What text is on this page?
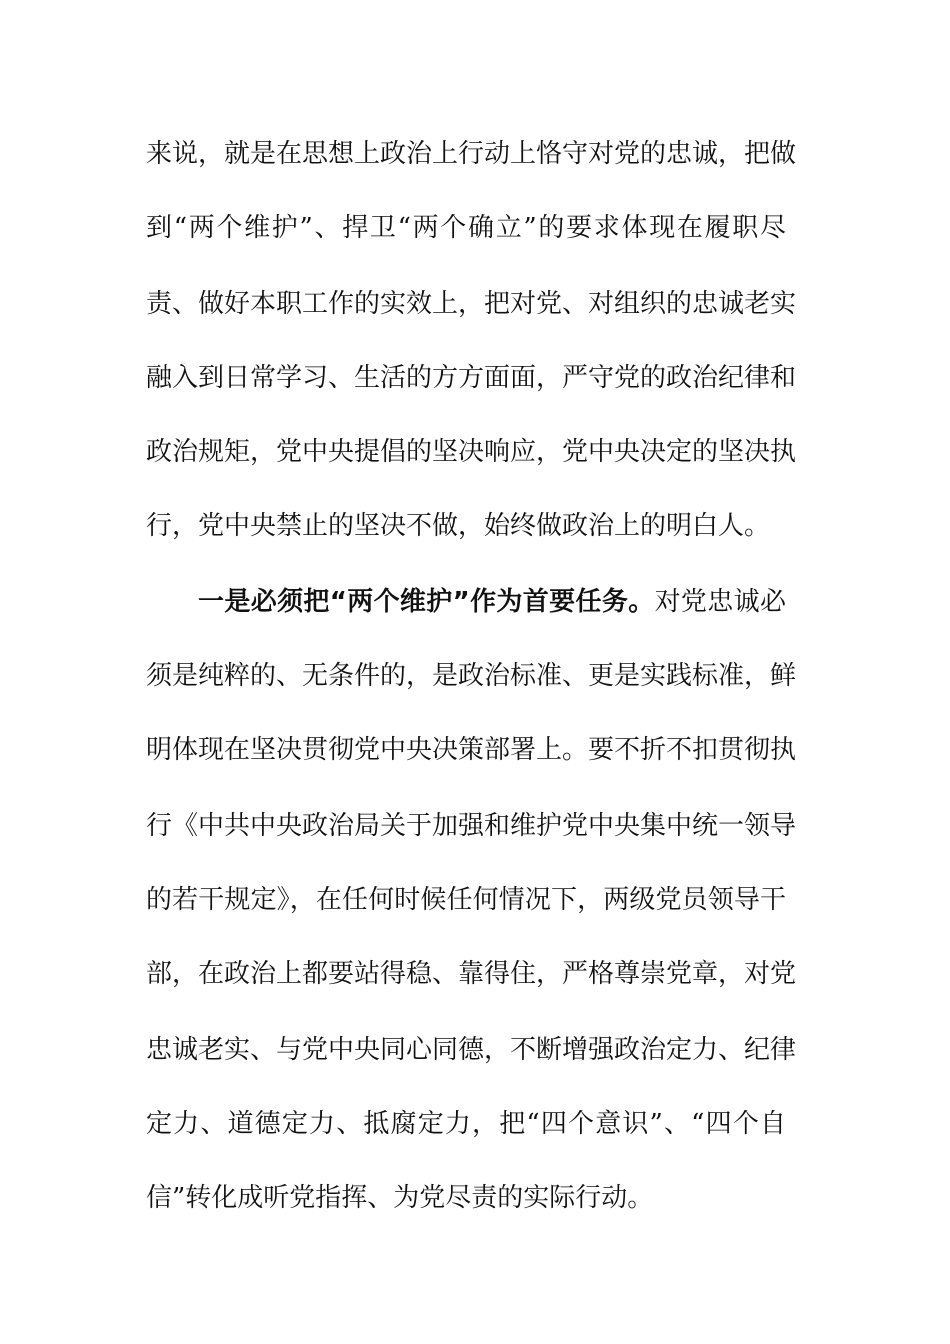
来说，就是在思想上政治上行动上恪守对党的忠诚，把做
到“两个维护”、捍卫“两个确立”的要求体现在履职尽
责、做好本职工作的实效上，把对党、对组织的忠诚老实
融入到日常学习、生活的方方面面，严守党的政治纪律和
政治规矩，党中央提倡的坚决响应，党中央决定的坚决执
行，党中央禁止的坚决不做，始终做政治上的明白人。
一是必须把“两个维护”作为首要任务。对党忠诚必
须是纯粹的、无条件的，是政治标准、更是实践标准，鲜
明体现在坚决贯彻党中央决策部署上。要不折不扣贯彻执
行《中共中央政治局关于加强和维护党中央集中统一领导
的若干规定》，在任何时候任何情况下，两级党员领导干
部，在政治上都要站得稳、靠得住，严格尊崇党章，对党
忠诚老实、与党中央同心同德，不断增强政治定力、纪律
定力、道德定力、抵腐定力，把“四个意识”、“四个自
信”转化成听党指挥、为党尽责的实际行动。
